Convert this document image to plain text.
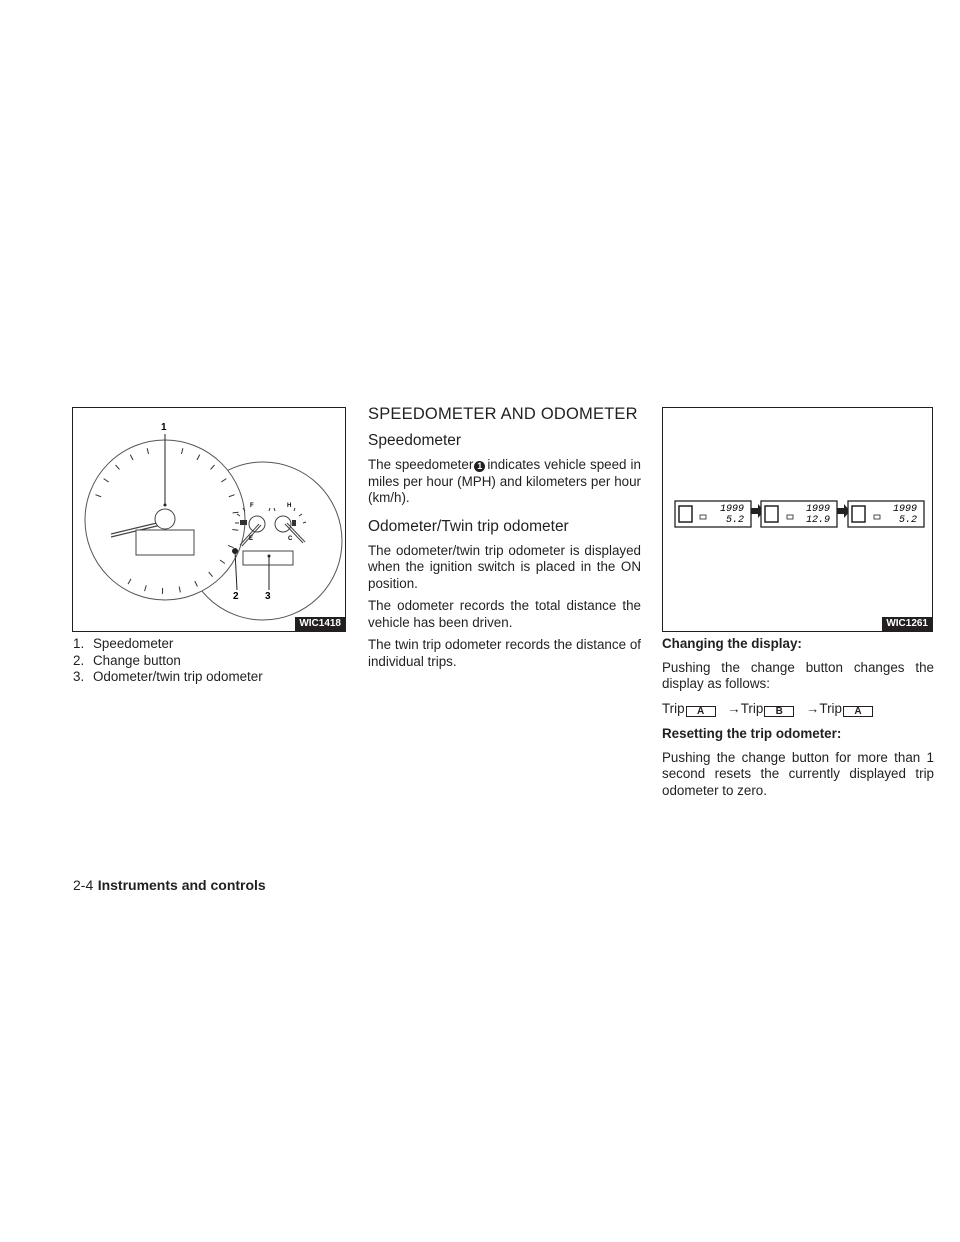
F
E
H
C
1
2	3
WIC1418
1. Speedometer
2. Change button
3. Odometer/twin trip odometer
SPEEDOMETER AND ODOMETER
Speedometer

The speedometer 1 indicates vehicle speed in miles per hour (MPH) and kilometers per hour (km/h).

Odometer/Twin trip odometer

The odometer/twin trip odometer is displayed when the ignition switch is placed in the ON position.

The odometer records the total distance the vehicle has been driven.

The twin trip odometer records the distance of individual trips.

1999
5.2
1999
12.9
1999
5.2
WIC1261

Changing the display:

Pushing the change button changes the display as follows:

Trip A →Trip B →Trip A

Resetting the trip odometer:

Pushing the change button for more than 1 second resets the currently displayed trip odometer to zero.

2-4 Instruments and controls
